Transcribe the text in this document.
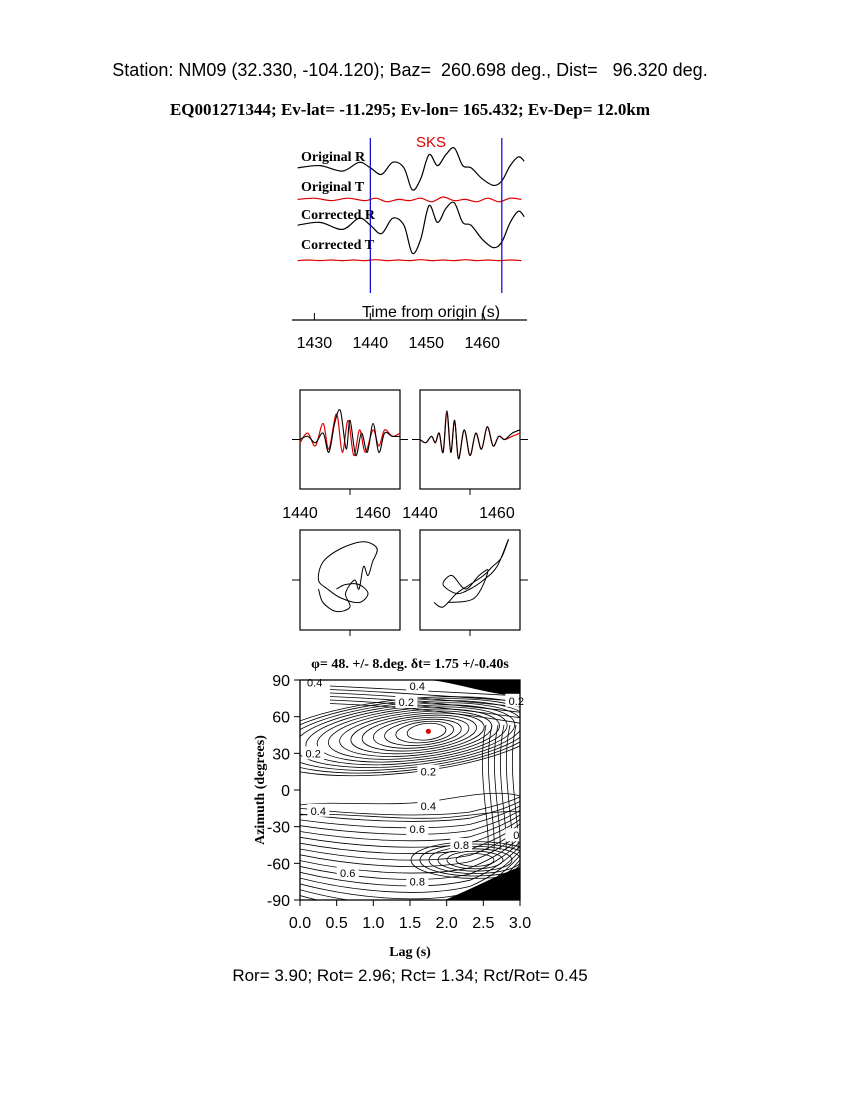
Station: NM09 (32.330, -104.120); Baz=  260.698 deg., Dist=   96.320 deg.
EQ001271344; Ev-lat= -11.295; Ev-lon= 165.432; Ev-Dep= 12.0km
Original R
Original T
Corrected R
Corrected T
SKS
Time from origin (s)
1430 1440 1450 1460
1440 1460 1440	1460
φ= 48. +/- 8.deg. δt= 1.75 +/-0.40s
0.4
0.2	0.2
0.2
0.4
0.2
0.4
0.4
0.6
0.8
0
0.6
0.8
0.0 0.5 1.0 1.5 2.0 2.5 3.0
90
60
30
0
-30
-60
-90
Lag (s)
Azimuth (degrees)
Ror= 3.90; Rot= 2.96; Rct= 1.34; Rct/Rot= 0.45
